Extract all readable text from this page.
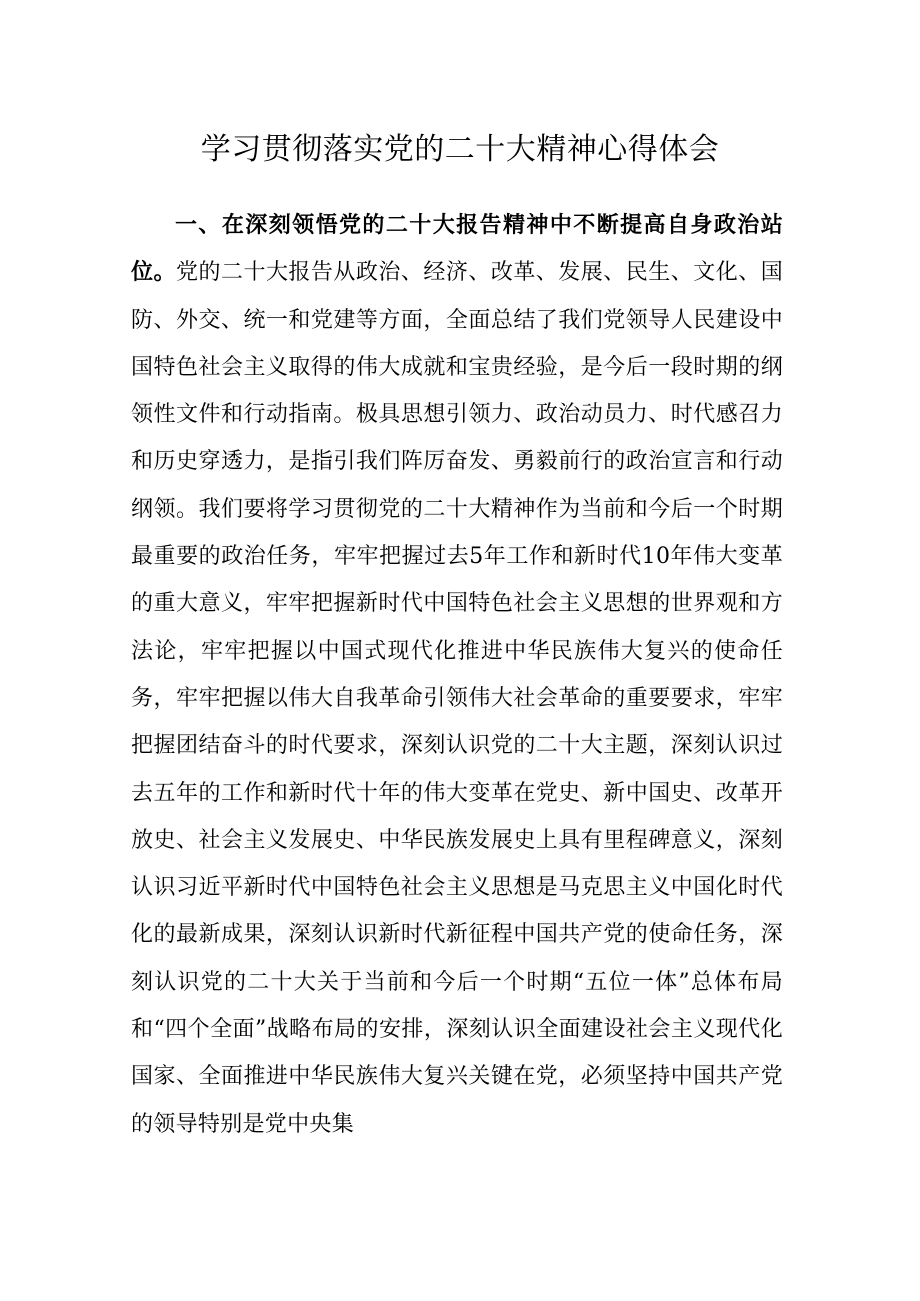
学习贯彻落实党的二十大精神心得体会

一、在深刻领悟党的二十大报告精神中不断提高自身政治站位。党的二十大报告从政治、经济、改革、发展、民生、文化、国防、外交、统一和党建等方面，全面总结了我们党领导人民建设中国特色社会主义取得的伟大成就和宝贵经验，是今后一段时期的纲领性文件和行动指南。极具思想引领力、政治动员力、时代感召力和历史穿透力，是指引我们阵厉奋发、勇毅前行的政治宣言和行动纲领。我们要将学习贯彻党的二十大精神作为当前和今后一个时期最重要的政治任务，牢牢把握过去5年工作和新时代10年伟大变革的重大意义，牢牢把握新时代中国特色社会主义思想的世界观和方法论，牢牢把握以中国式现代化推进中华民族伟大复兴的使命任务，牢牢把握以伟大自我革命引领伟大社会革命的重要要求，牢牢把握团结奋斗的时代要求，深刻认识党的二十大主题，深刻认识过去五年的工作和新时代十年的伟大变革在党史、新中国史、改革开放史、社会主义发展史、中华民族发展史上具有里程碑意义，深刻认识习近平新时代中国特色社会主义思想是马克思主义中国化时代化的最新成果，深刻认识新时代新征程中国共产党的使命任务，深刻认识党的二十大关于当前和今后一个时期“五位一体”总体布局和“四个全面”战略布局的安排，深刻认识全面建设社会主义现代化国家、全面推进中华民族伟大复兴关键在党，必须坚持中国共产党的领导特别是党中央集
